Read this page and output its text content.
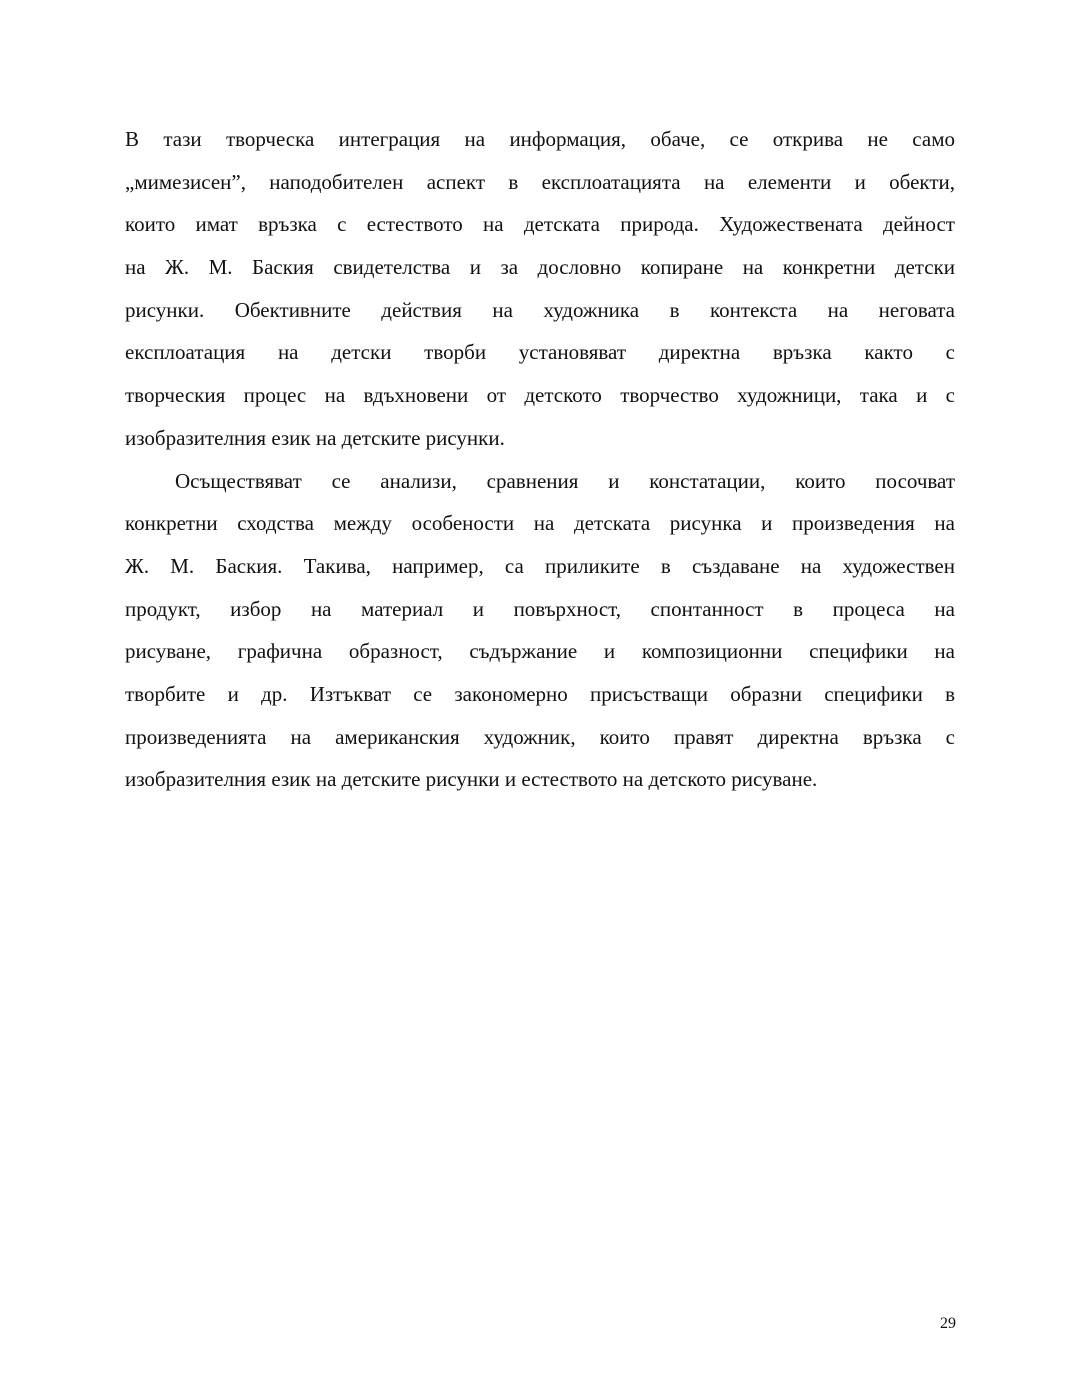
В тази творческа интеграция на информация, обаче, се открива не само
„мимезисен”, наподобителен аспект в експлоатацията на елементи и обекти,
които имат връзка с естеството на детската природа. Художествената дейност
на Ж. М. Баския свидетелства и за дословно копиране на конкретни детски
рисунки. Обективните действия на художника в контекста на неговата
експлоатация на детски творби установяват директна връзка както с
творческия процес на вдъхновени от детското творчество художници, така и с
изобразителния език на детските рисунки.
Осъществяват се анализи, сравнения и констатации, които посочват
конкретни сходства между особености на детската рисунка и произведения на
Ж. М. Баския. Такива, например, са приликите в създаване на художествен
продукт, избор на материал и повърхност, спонтанност в процеса на
рисуване, графична образност, съдържание и композиционни специфики на
творбите и др. Изтъкват се закономерно присъстващи образни специфики в
произведенията на американския художник, които правят директна връзка с
изобразителния език на детските рисунки и естеството на детското рисуване.
29
